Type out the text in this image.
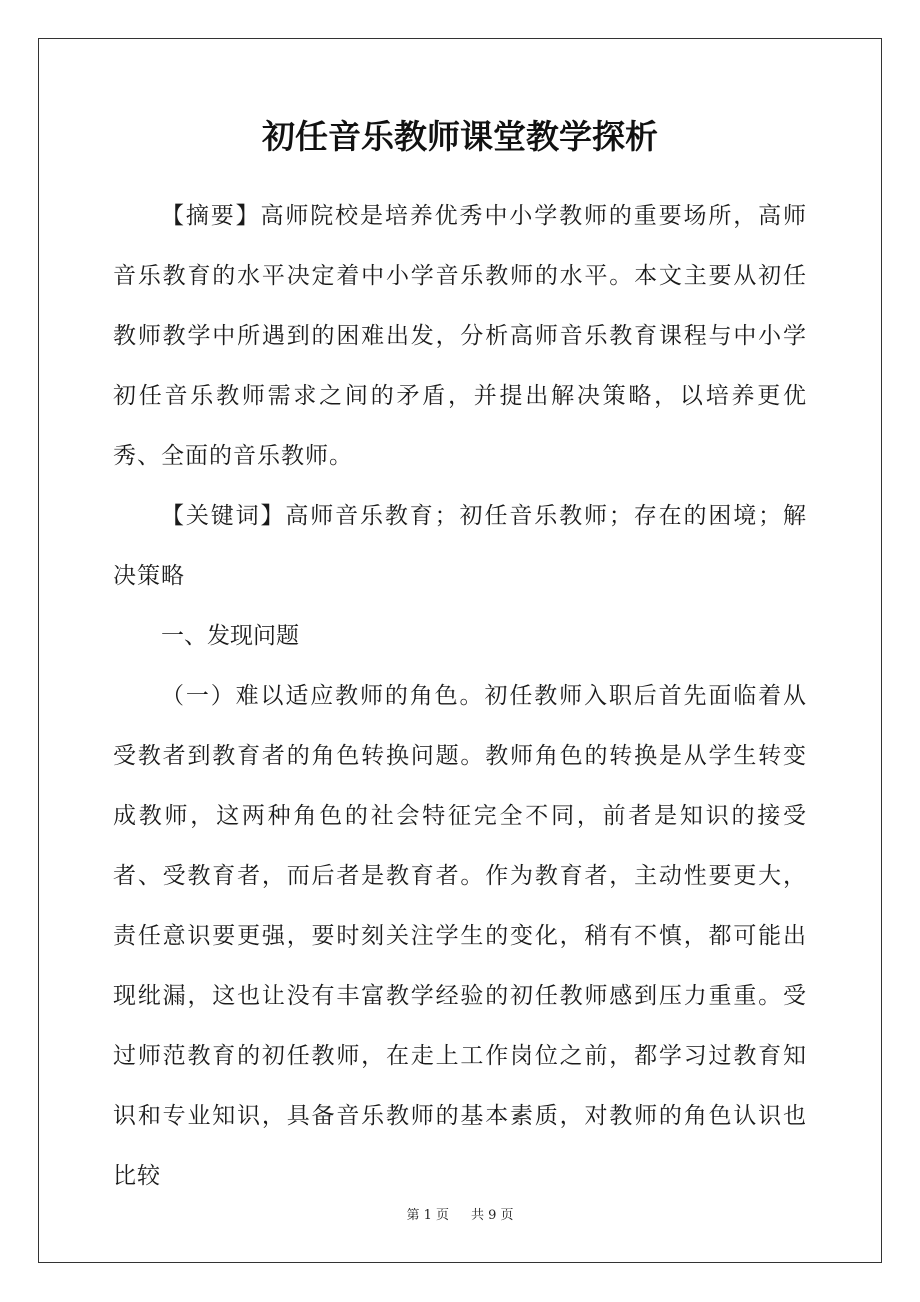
初任音乐教师课堂教学探析

【摘要】高师院校是培养优秀中小学教师的重要场所，高师音乐教育的水平决定着中小学音乐教师的水平。本文主要从初任教师教学中所遇到的困难出发，分析高师音乐教育课程与中小学初任音乐教师需求之间的矛盾，并提出解决策略，以培养更优秀、全面的音乐教师。

【关键词】高师音乐教育；初任音乐教师；存在的困境；解决策略

一、发现问题

（一）难以适应教师的角色。初任教师入职后首先面临着从受教者到教育者的角色转换问题。教师角色的转换是从学生转变成教师，这两种角色的社会特征完全不同，前者是知识的接受者、受教育者，而后者是教育者。作为教育者，主动性要更大，责任意识要更强，要时刻关注学生的变化，稍有不慎，都可能出现纰漏，这也让没有丰富教学经验的初任教师感到压力重重。受过师范教育的初任教师，在走上工作岗位之前，都学习过教育知识和专业知识，具备音乐教师的基本素质，对教师的角色认识也比较

第 1 页 共 9 页
